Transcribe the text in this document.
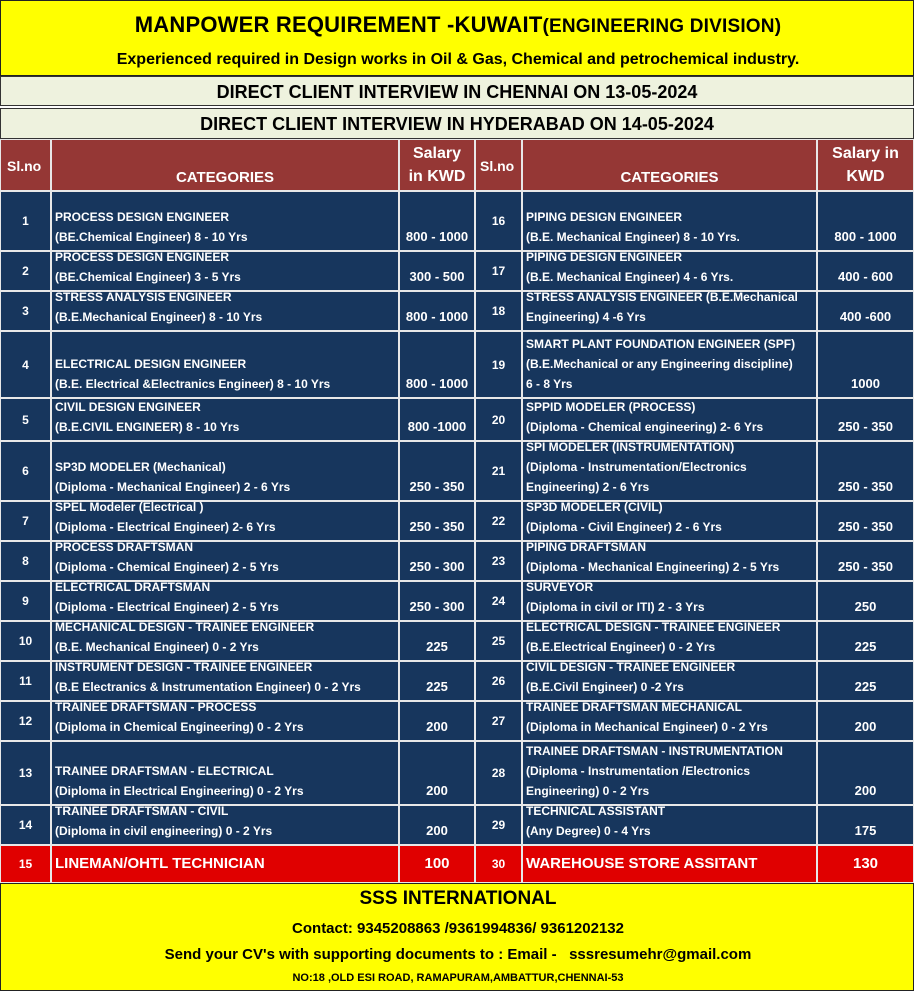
MANPOWER REQUIREMENT -KUWAIT(ENGINEERING DIVISION)
Experienced required in Design works in Oil & Gas, Chemical and petrochemical industry.
DIRECT CLIENT INTERVIEW IN CHENNAI ON 13-05-2024
DIRECT CLIENT INTERVIEW IN HYDERABAD ON 14-05-2024
Sl.no
CATEGORIES
Salary
in KWD
Sl.no
CATEGORIES
Salary in
KWD
1	PROCESS DESIGN ENGINEER
(BE.Chemical Engineer) 8 - 10 Yrs	800 - 1000
2
PROCESS DESIGN ENGINEER
(BE.Chemical Engineer) 3 - 5 Yrs	300 - 500
3
STRESS ANALYSIS ENGINEER
(B.E.Mechanical Engineer) 8 - 10 Yrs	800 - 1000
4	ELECTRICAL DESIGN ENGINEER
(B.E. Electrical &Electranics Engineer) 8 - 10 Yrs	800 - 1000
5
CIVIL DESIGN ENGINEER
(B.E.CIVIL ENGINEER) 8 - 10 Yrs	800 -1000
6	SP3D MODELER (Mechanical)
(Diploma - Mechanical Engineer) 2 - 6 Yrs	250 - 350
7
SPEL Modeler (Electrical )
(Diploma - Electrical Engineer) 2- 6 Yrs	250 - 350
8
PROCESS DRAFTSMAN
(Diploma - Chemical Engineer) 2 - 5 Yrs	250 - 300
9
ELECTRICAL DRAFTSMAN
(Diploma - Electrical Engineer) 2 - 5 Yrs	250 - 300
10
MECHANICAL DESIGN - TRAINEE ENGINEER
(B.E. Mechanical Engineer) 0 - 2 Yrs	225
11
INSTRUMENT DESIGN - TRAINEE ENGINEER
(B.E Electranics & Instrumentation Engineer) 0 - 2 Yrs	225
12
TRAINEE DRAFTSMAN - PROCESS
(Diploma in Chemical Engineering) 0 - 2 Yrs	200
13	TRAINEE DRAFTSMAN - ELECTRICAL
(Diploma in Electrical Engineering) 0 - 2 Yrs	200
14
TRAINEE DRAFTSMAN - CIVIL
(Diploma in civil engineering) 0 - 2 Yrs	200
15	LINEMAN/OHTL TECHNICIAN	100
16	PIPING DESIGN ENGINEER
(B.E. Mechanical Engineer) 8 - 10 Yrs.	800 - 1000
17
PIPING DESIGN ENGINEER
(B.E. Mechanical Engineer) 4 - 6 Yrs.	400 - 600
18
STRESS ANALYSIS ENGINEER (B.E.Mechanical
Engineering) 4 -6 Yrs	400 -600
19
SMART PLANT FOUNDATION ENGINEER (SPF)
(B.E.Mechanical or any Engineering discipline)
6 - 8 Yrs	1000
20
SPPID MODELER (PROCESS)
(Diploma - Chemical engineering) 2- 6 Yrs	250 - 350
21
SPI MODELER (INSTRUMENTATION)
(Diploma - Instrumentation/Electronics
Engineering) 2 - 6 Yrs	250 - 350
22
SP3D MODELER (CIVIL)
(Diploma - Civil Engineer) 2 - 6 Yrs	250 - 350
23
PIPING DRAFTSMAN
(Diploma - Mechanical Engineering) 2 - 5 Yrs	250 - 350
24
SURVEYOR
(Diploma in civil or ITI) 2 - 3 Yrs	250
25
ELECTRICAL DESIGN - TRAINEE ENGINEER
(B.E.Electrical Engineer) 0 - 2 Yrs	225
26
CIVIL DESIGN - TRAINEE ENGINEER
(B.E.Civil Engineer) 0 -2 Yrs	225
27
TRAINEE DRAFTSMAN MECHANICAL
(Diploma in Mechanical Engineer) 0 - 2 Yrs	200
28
TRAINEE DRAFTSMAN - INSTRUMENTATION
(Diploma - Instrumentation /Electronics
Engineering) 0 - 2 Yrs	200
29
TECHNICAL ASSISTANT
(Any Degree) 0 - 4 Yrs	175
30	WAREHOUSE STORE ASSITANT	130
SSS INTERNATIONAL
Contact: 9345208863 /9361994836/ 9361202132
Send your CV's with supporting documents to : Email -   sssresumehr@gmail.com
NO:18 ,OLD ESI ROAD, RAMAPURAM,AMBATTUR,CHENNAI-53
